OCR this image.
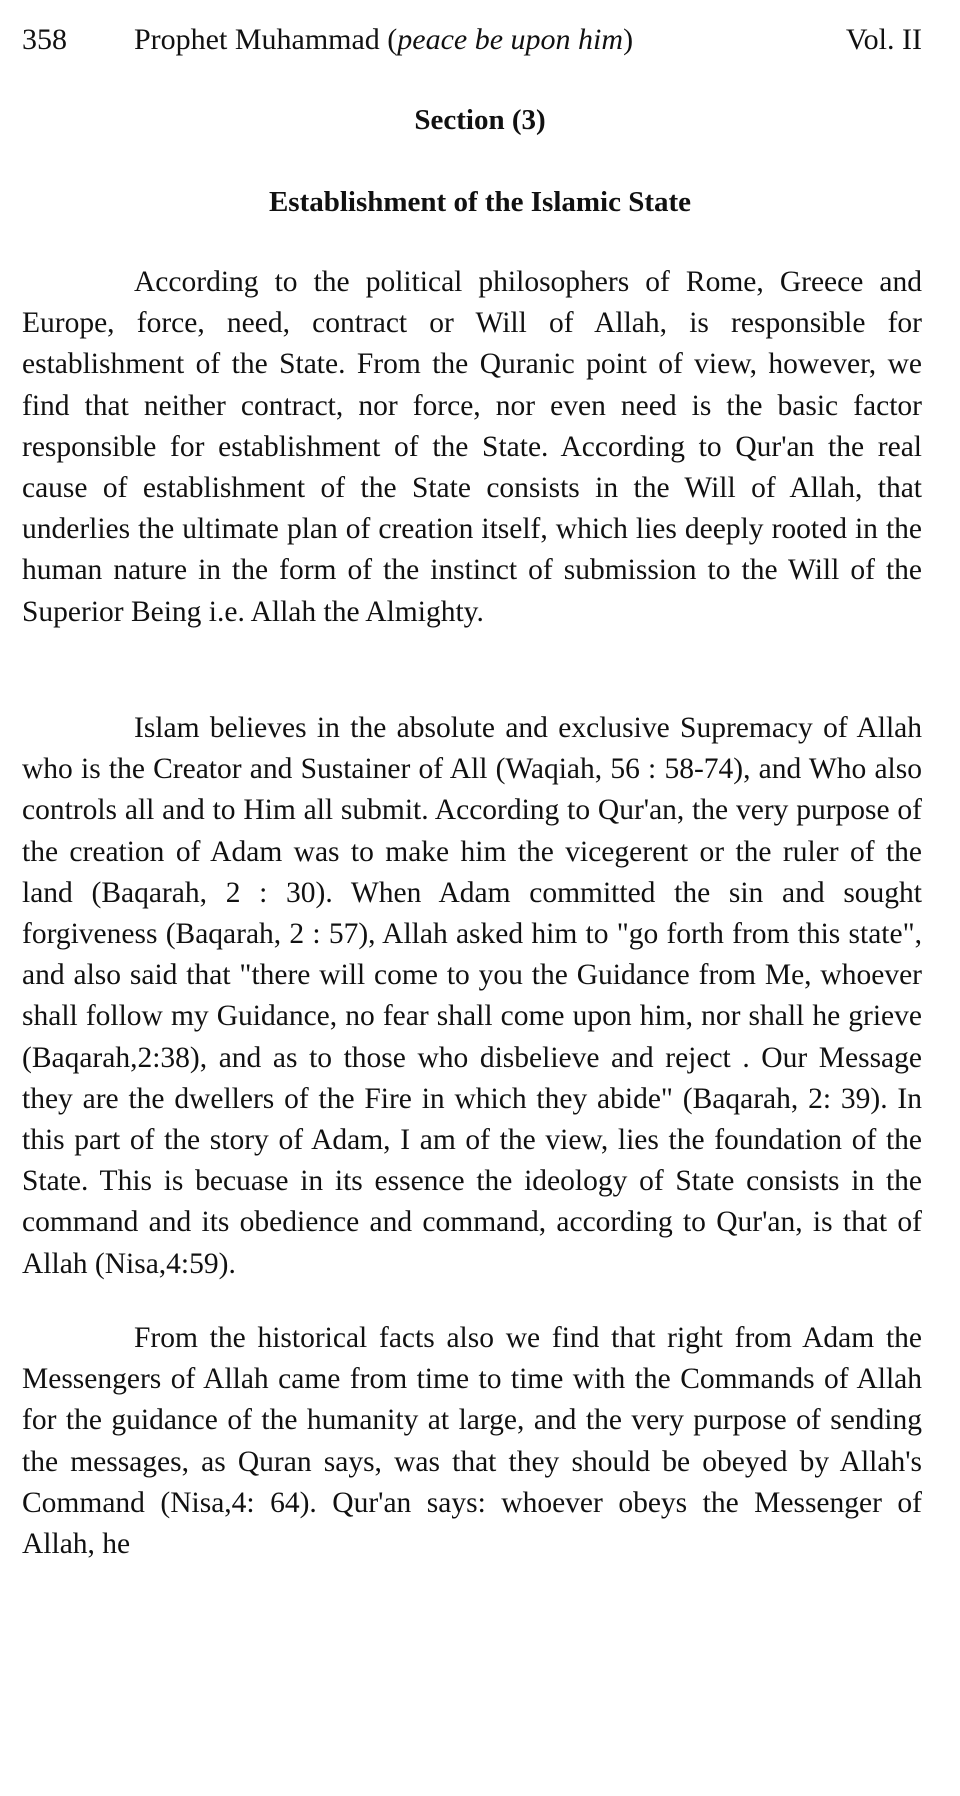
358 Prophet Muhammad (peace be upon him)	Vol. II
Section (3)
Establishment of the Islamic State

According to the political philosophers of Rome, Greece and Europe, force, need, contract or Will of Allah, is responsible for establishment of the State. From the Quranic point of view, however, we find that neither contract, nor force, nor even need is the basic factor responsible for establishment of the State. According to Qur'an the real cause of establishment of the State consists in the Will of Allah, that underlies the ultimate plan of creation itself, which lies deeply rooted in the human nature in the form of the instinct of submission to the Will of the Superior Being i.e. Allah the Almighty.

Islam believes in the absolute and exclusive Supremacy of Allah who is the Creator and Sustainer of All (Waqiah, 56 : 58-74), and Who also controls all and to Him all submit. According to Qur'an, the very purpose of the creation of Adam was to make him the vicegerent or the ruler of the land (Baqarah, 2 : 30). When Adam committed the sin and sought forgiveness (Baqarah, 2 : 57), Allah asked him to "go forth from this state", and also said that "there will come to you the Guidance from Me, whoever shall follow my Guidance, no fear shall come upon him, nor shall he grieve (Baqarah,2:38), and as to those who disbelieve and reject . Our Message they are the dwellers of the Fire in which they abide" (Baqarah, 2: 39). In this part of the story of Adam, I am of the view, lies the foundation of the State. This is becuase in its essence the ideology of State consists in the command and its obedience and command, according to Qur'an, is that of Allah (Nisa,4:59).

From the historical facts also we find that right from Adam the Messengers of Allah came from time to time with the Commands of Allah for the guidance of the humanity at large, and the very purpose of sending the messages, as Quran says, was that they should be obeyed by Allah's Command (Nisa,4: 64). Qur'an says: whoever obeys the Messenger of Allah, he
